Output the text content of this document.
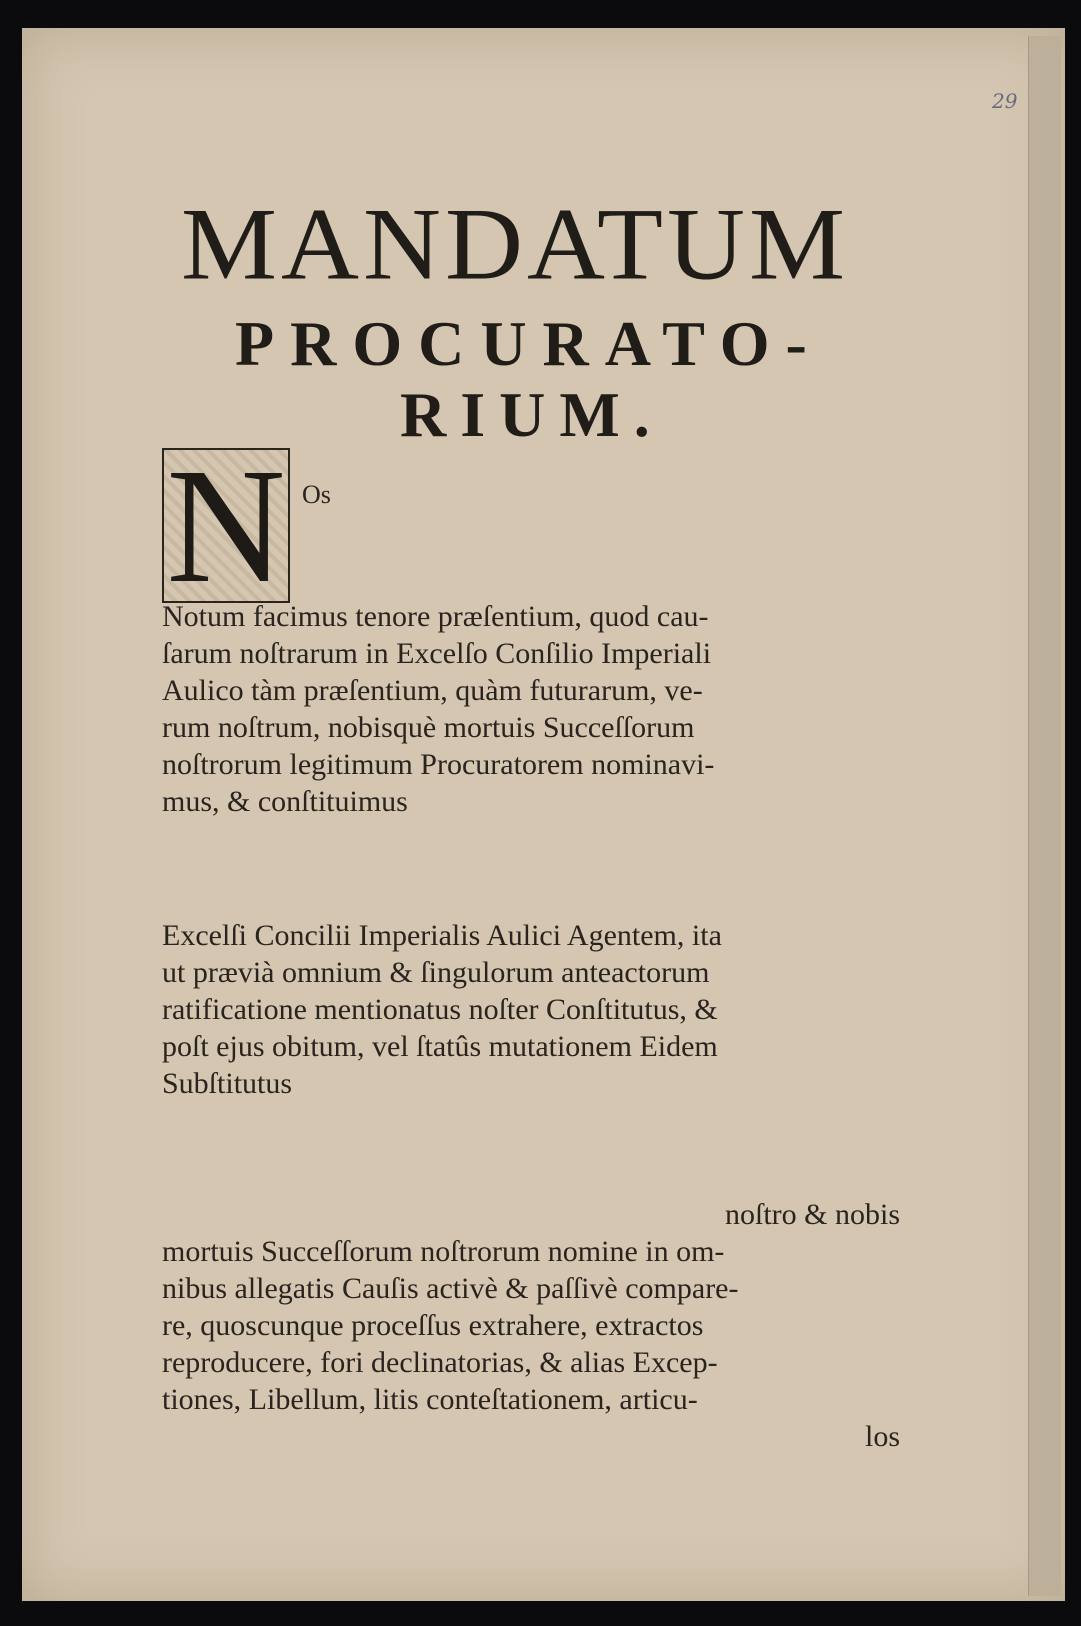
29
MANDATUM
PROCURATO-
RIUM.
N Os
Notum facimus tenore præſentium, quod cau-
ſarum noſtrarum in Excelſo Conſilio Imperiali
Aulico tàm præſentium, quàm futurarum, ve-
rum noſtrum, nobisquè mortuis Succeſſorum
noſtrorum legitimum Procuratorem nominavi-
mus, & conſtituimus
Excelſi Concilii Imperialis Aulici Agentem, ita
ut prævià omnium & ſingulorum anteactorum
ratificatione mentionatus noſter Conſtitutus, &
poſt ejus obitum, vel ſtatûs mutationem Eidem
Subſtitutus
noſtro & nobis
mortuis Succeſſorum noſtrorum nomine in om-
nibus allegatis Cauſis activè & paſſivè compare-
re, quoscunque proceſſus extrahere, extractos
reproducere, fori declinatorias, & alias Excep-
tiones, Libellum, litis conteſtationem, articu-
los
